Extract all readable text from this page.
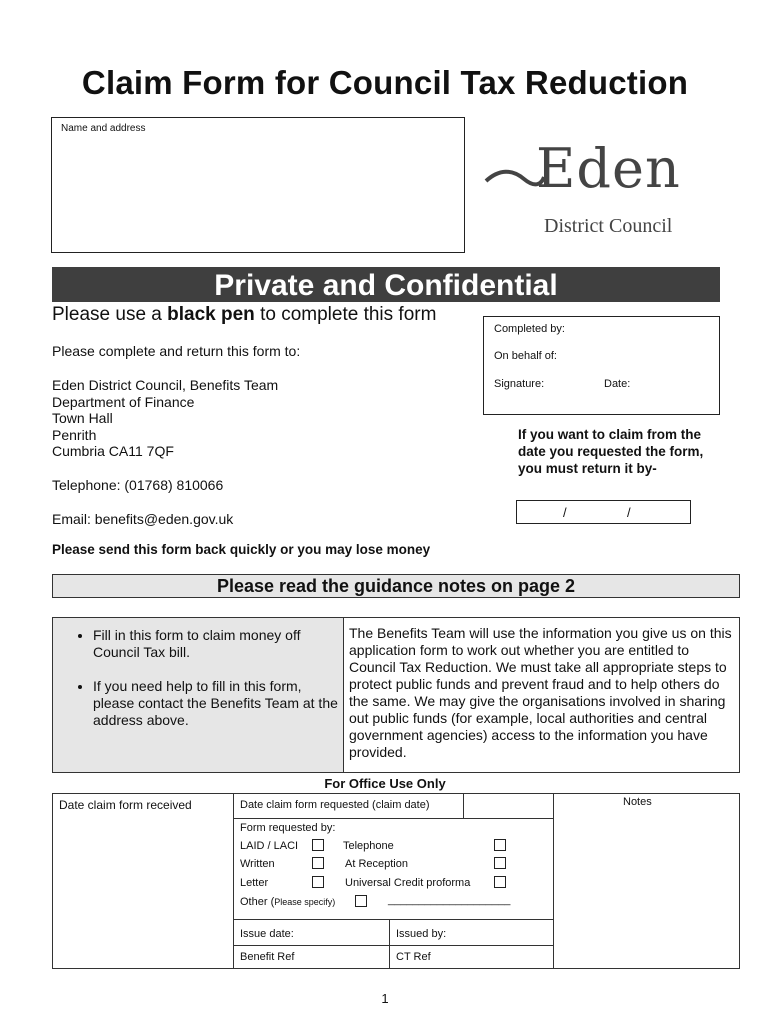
Claim Form for Council Tax Reduction
Name and address
Eden
District Council
Private and Confidential
Please use a black pen to complete this form
Completed by:
On behalf of:
Signature:	Date:
Please complete and return this form to:
Eden District Council, Benefits Team
Department of Finance
Town Hall
Penrith
Cumbria CA11 7QF
Telephone: (01768) 810066
Email: benefits@eden.gov.uk
If you want to claim from the date you requested the form, you must return it by-
/	/
Please send this form back quickly or you may lose money
Please read the guidance notes on page 2
• Fill in this form to claim money off Council Tax bill.
• If you need help to fill in this form, please contact the Benefits Team at the address above.
The Benefits Team will use the information you give us on this application form to work out whether you are entitled to Council Tax Reduction. We must take all appropriate steps to protect public funds and prevent fraud and to help others do the same. We may give the organisations involved in sharing out public funds (for example, local authorities and central government agencies) access to the information you have provided.
For Office Use Only
Date claim form received	Date claim form requested (claim date)	Notes
Form requested by:
LAID / LACI	Telephone
Written	At Reception
Letter	Universal Credit proforma
Other (Please specify)	____________________
Issue date:	Issued by:
Benefit Ref	CT Ref
1
